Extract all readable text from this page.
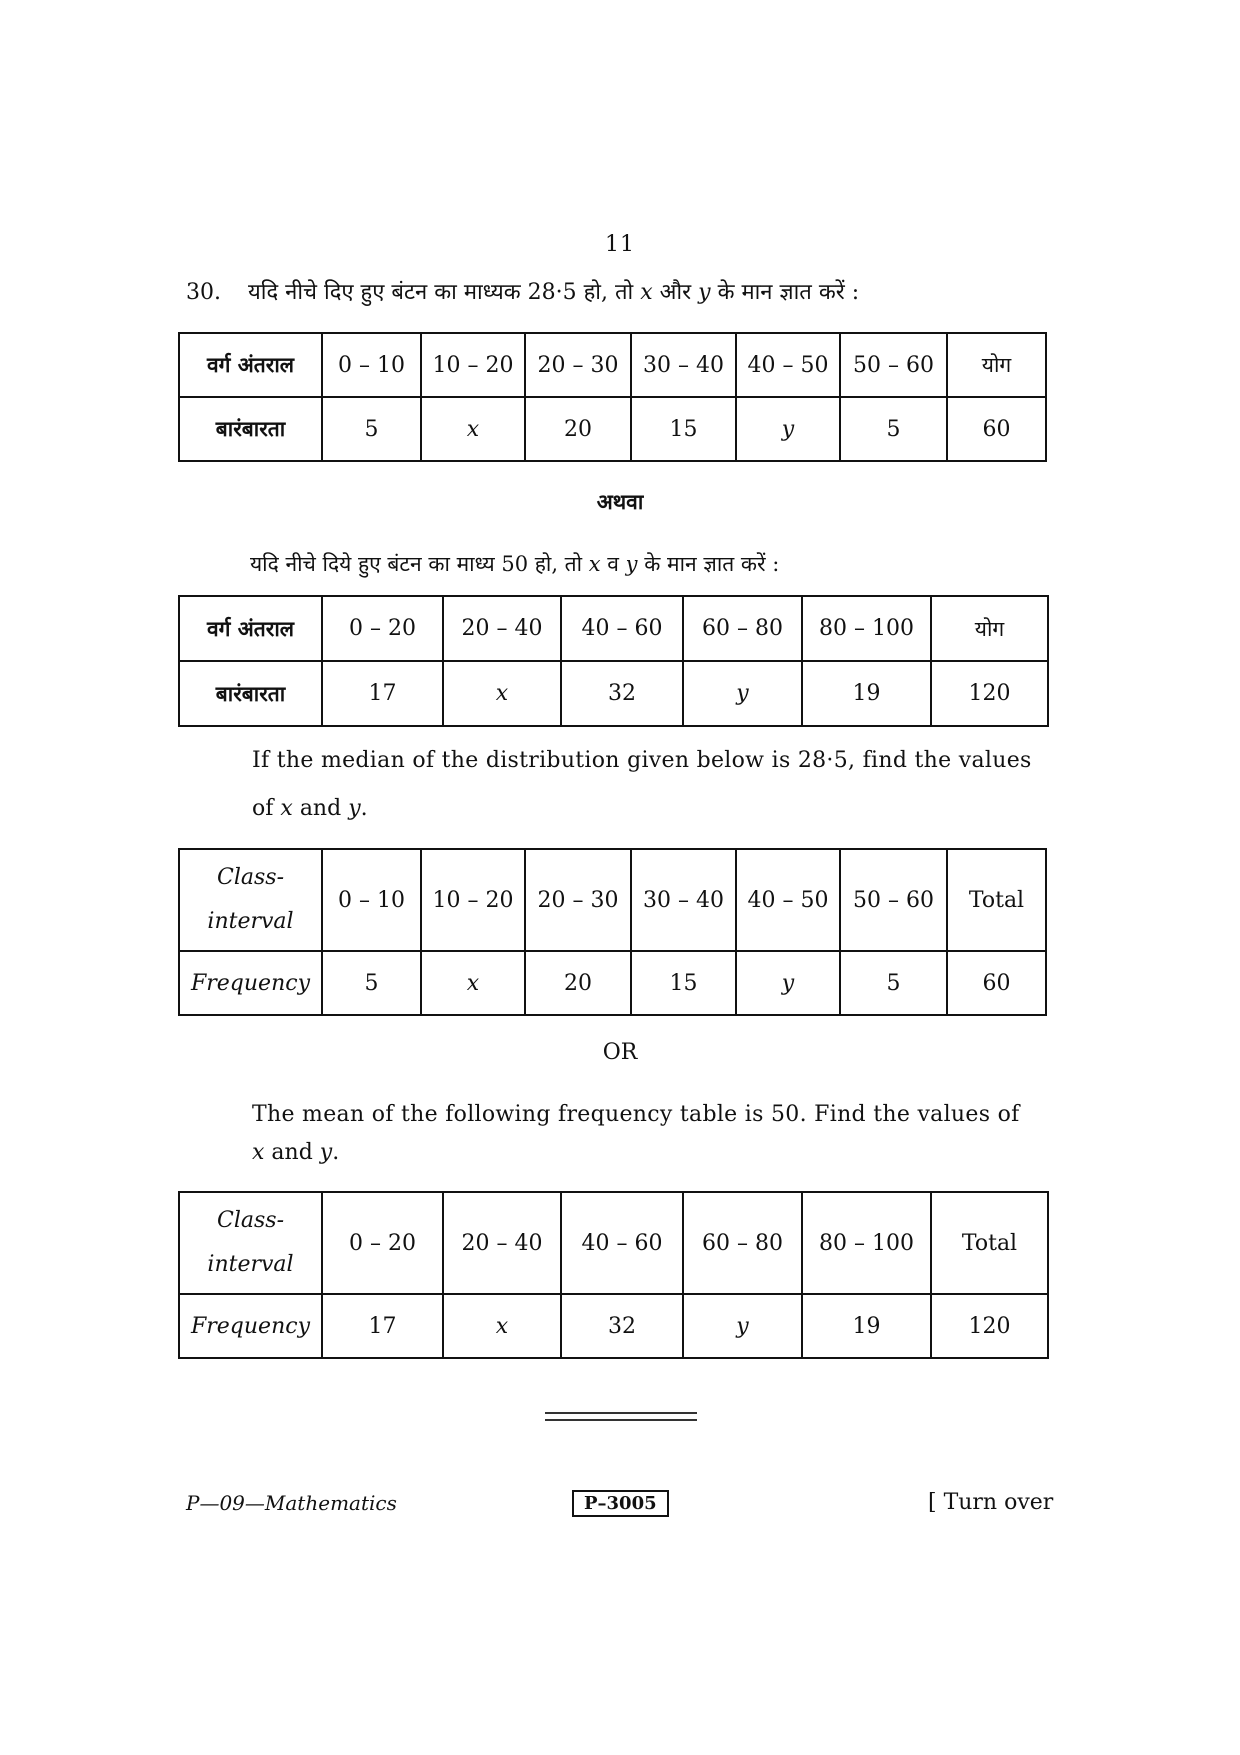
11
30. यदि नीचे दिए हुए बंटन का माध्यक 28·5 हो, तो x और y के मान ज्ञात करें :
वर्ग अंतराल	0 – 10	10 – 20	20 – 30	30 – 40	40 – 50	50 – 60	योग
बारंबारता	5	x	20	15	y	5	60
अथवा
यदि नीचे दिये हुए बंटन का माध्य 50 हो, तो x व y के मान ज्ञात करें :
वर्ग अंतराल	0 – 20	20 – 40	40 – 60	60 – 80	80 – 100	योग
बारंबारता	17	x	32	y	19	120
If the median of the distribution given below is 28·5, find the values
of x and y.
Class-
interval	0 – 10	10 – 20	20 – 30	30 – 40	40 – 50	50 – 60	Total
Frequency	5	x	20	15	y	5	60
OR
The mean of the following frequency table is 50. Find the values of
x and y.
Class-
interval	0 – 20	20 – 40	40 – 60	60 – 80	80 – 100	Total
Frequency	17	x	32	y	19	120
P—09—Mathematics	P–3005	[ Turn over
